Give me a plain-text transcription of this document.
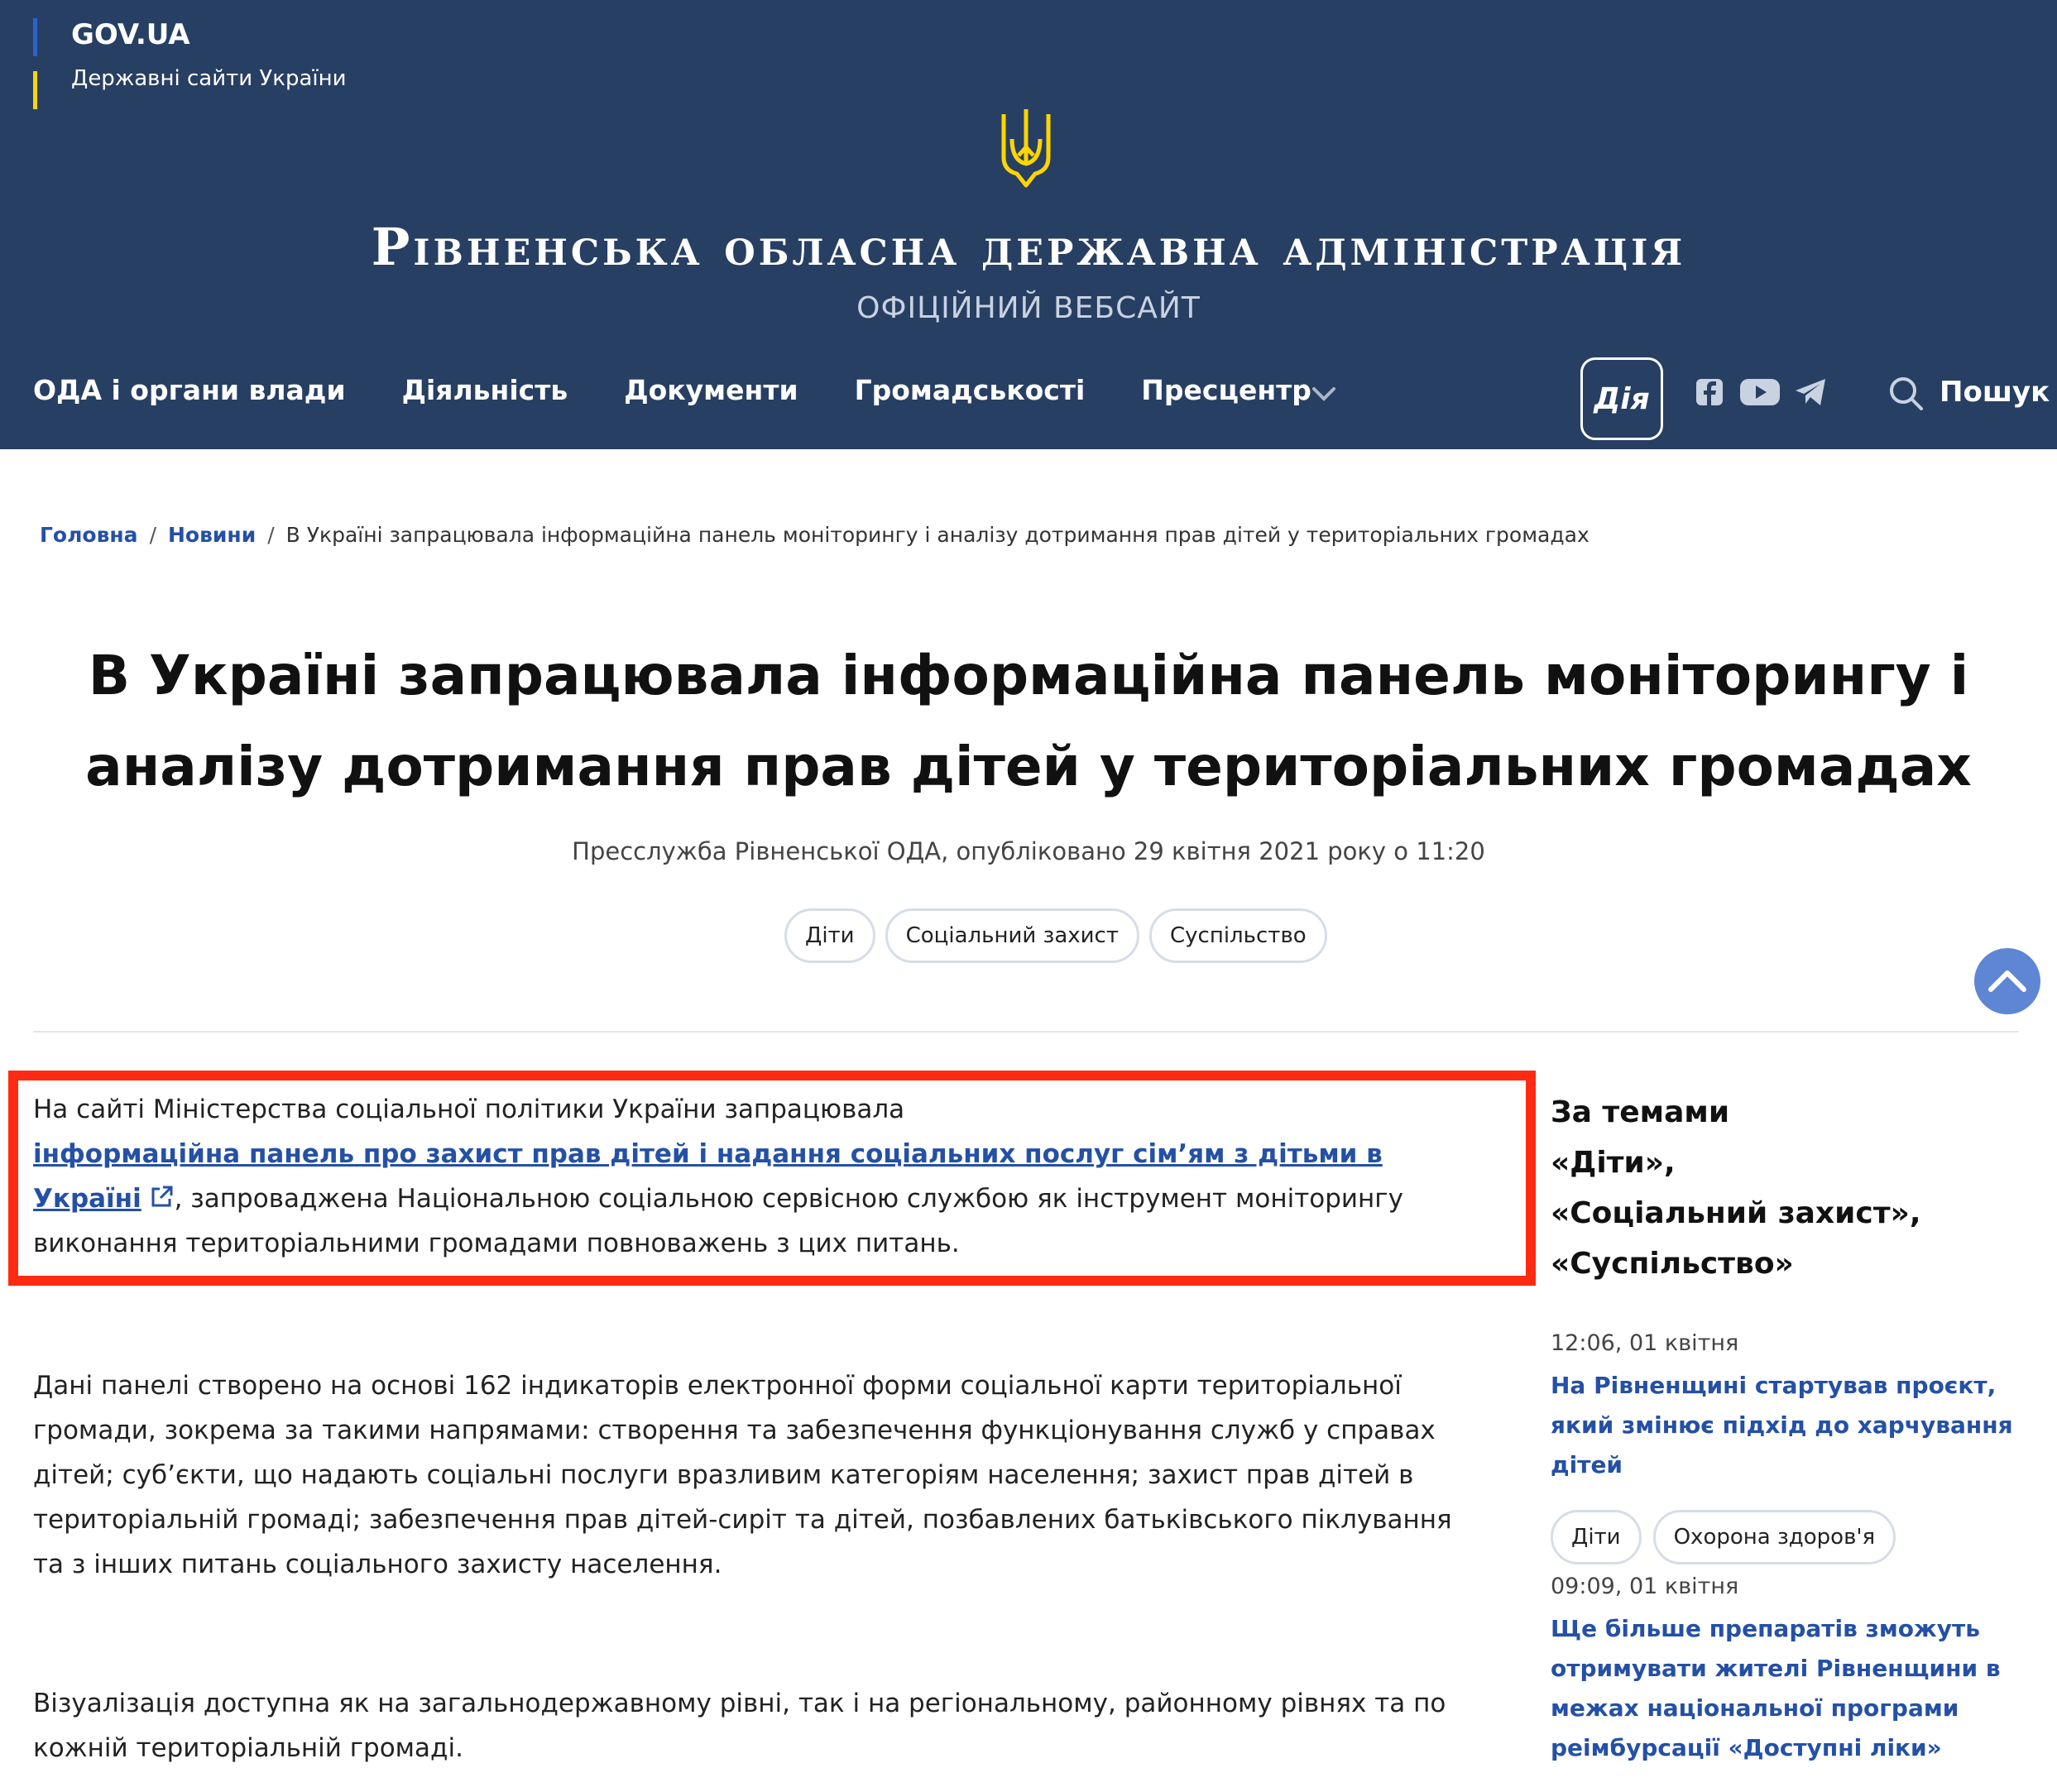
GOV.UA
Державні сайти України
Рівненська обласна державна адміністрація
ОФІЦІЙНИЙ ВЕБСАЙТ
ОДА і органи влади Діяльність Документи Громадськості Пресцентр	Дія	Пошук
Головна / Новини / В Україні запрацювала інформаційна панель моніторингу і аналізу дотримання прав дітей у територіальних громадах
В Україні запрацювала інформаційна панель моніторингу і аналізу дотримання прав дітей у територіальних громадах
Пресслужба Рівненської ОДА, опубліковано 29 квітня 2021 року о 11:20
Діти	Соціальний захист	Суспільство

На сайті Міністерства соціальної політики України запрацювала
інформаційна панель про захист прав дітей і надання соціальних послуг сім’ям з дітьми в Україні , запроваджена Національною соціальною сервісною службою як інструмент моніторингу виконання територіальними громадами повноважень з цих питань.

Дані панелі створено на основі 162 індикаторів електронної форми соціальної карти територіальної громади, зокрема за такими напрямами: створення та забезпечення функціонування служб у справах дітей; суб’єкти, що надають соціальні послуги вразливим категоріям населення; захист прав дітей в територіальній громаді; забезпечення прав дітей-сиріт та дітей, позбавлених батьківського піклування та з інших питань соціального захисту населення.

Візуалізація доступна як на загальнодержавному рівні, так і на регіональному, районному рівнях та по кожній територіальній громаді.

За темами
«Діти»,
«Соціальний захист»,
«Суспільство»
12:06, 01 квітня
На Рівненщині стартував проєкт, який змінює підхід до харчування дітей
Діти	Охорона здоров'я
09:09, 01 квітня
Ще більше препаратів зможуть отримувати жителі Рівненщини в межах національної програми реімбурсації «Доступні ліки»
